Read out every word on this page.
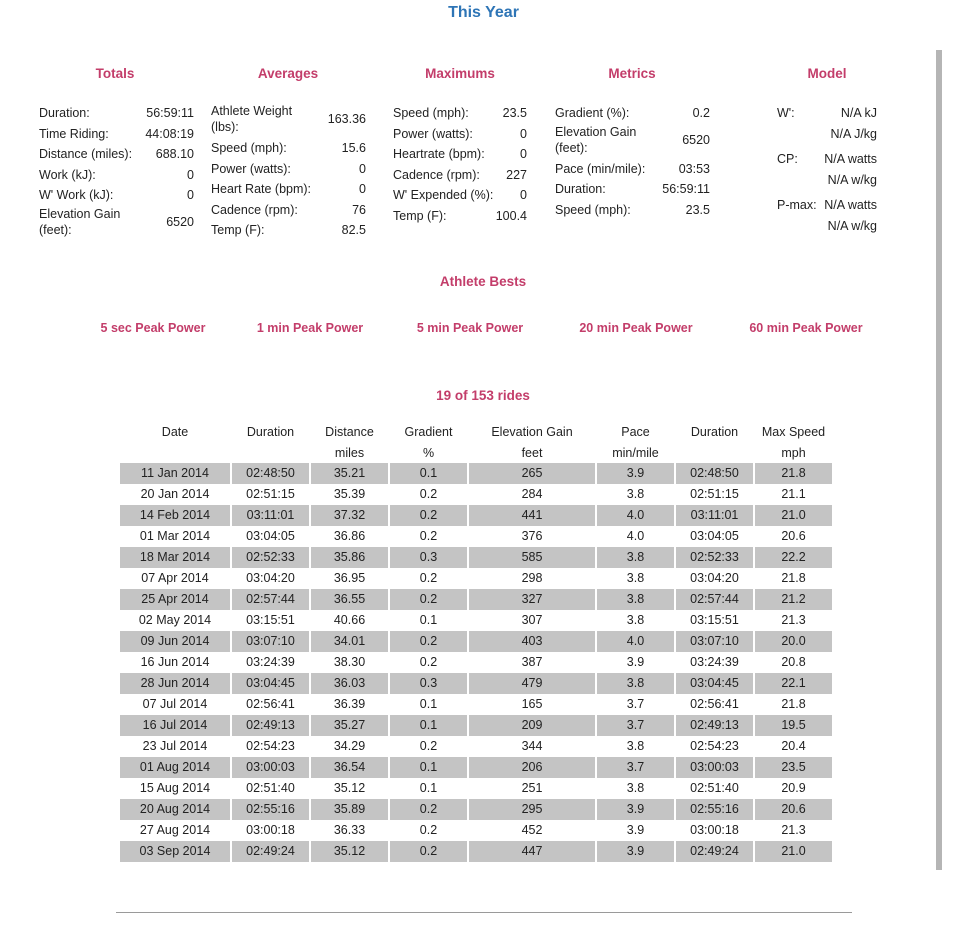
This Year
Totals	Averages	Maximums	Metrics	Model
Duration:	56:59:11
Time Riding:	44:08:19
Distance (miles): 688.10
Work (kJ):	0
W' Work (kJ):	0
Elevation Gain (feet):
6520
Athlete Weight (lbs):
163.36
Speed (mph):	15.6
Power (watts):	0
Heart Rate (bpm):	0
Cadence (rpm):	76
Temp (F):	82.5
Speed (mph):	23.5
Power (watts):	0
Heartrate (bpm):	0
Cadence (rpm): 227
W' Expended (%): 0
Temp (F):	100.4
Gradient (%):	0.2
Elevation Gain (feet):
6520
Pace (min/mile):	03:53
Duration:	56:59:11
Speed (mph):	23.5
W':	N/A kJ
N/A J/kg
CP:	N/A watts
N/A w/kg
P-max: N/A watts
N/A w/kg
Athlete Bests
5 sec Peak Power	1 min Peak Power	5 min Peak Power	20 min Peak Power	60 min Peak Power
19 of 153 rides
Date	Duration	Distance	Gradient	Elevation Gain	Pace	Duration	Max Speed
		miles	%	feet	min/mile		mph
11 Jan 2014	02:48:50	35.21	0.1	265	3.9	02:48:50	21.8
20 Jan 2014	02:51:15	35.39	0.2	284	3.8	02:51:15	21.1
14 Feb 2014	03:11:01	37.32	0.2	441	4.0	03:11:01	21.0
01 Mar 2014	03:04:05	36.86	0.2	376	4.0	03:04:05	20.6
18 Mar 2014	02:52:33	35.86	0.3	585	3.8	02:52:33	22.2
07 Apr 2014	03:04:20	36.95	0.2	298	3.8	03:04:20	21.8
25 Apr 2014	02:57:44	36.55	0.2	327	3.8	02:57:44	21.2
02 May 2014	03:15:51	40.66	0.1	307	3.8	03:15:51	21.3
09 Jun 2014	03:07:10	34.01	0.2	403	4.0	03:07:10	20.0
16 Jun 2014	03:24:39	38.30	0.2	387	3.9	03:24:39	20.8
28 Jun 2014	03:04:45	36.03	0.3	479	3.8	03:04:45	22.1
07 Jul 2014	02:56:41	36.39	0.1	165	3.7	02:56:41	21.8
16 Jul 2014	02:49:13	35.27	0.1	209	3.7	02:49:13	19.5
23 Jul 2014	02:54:23	34.29	0.2	344	3.8	02:54:23	20.4
01 Aug 2014	03:00:03	36.54	0.1	206	3.7	03:00:03	23.5
15 Aug 2014	02:51:40	35.12	0.1	251	3.8	02:51:40	20.9
20 Aug 2014	02:55:16	35.89	0.2	295	3.9	02:55:16	20.6
27 Aug 2014	03:00:18	36.33	0.2	452	3.9	03:00:18	21.3
03 Sep 2014	02:49:24	35.12	0.2	447	3.9	02:49:24	21.0
